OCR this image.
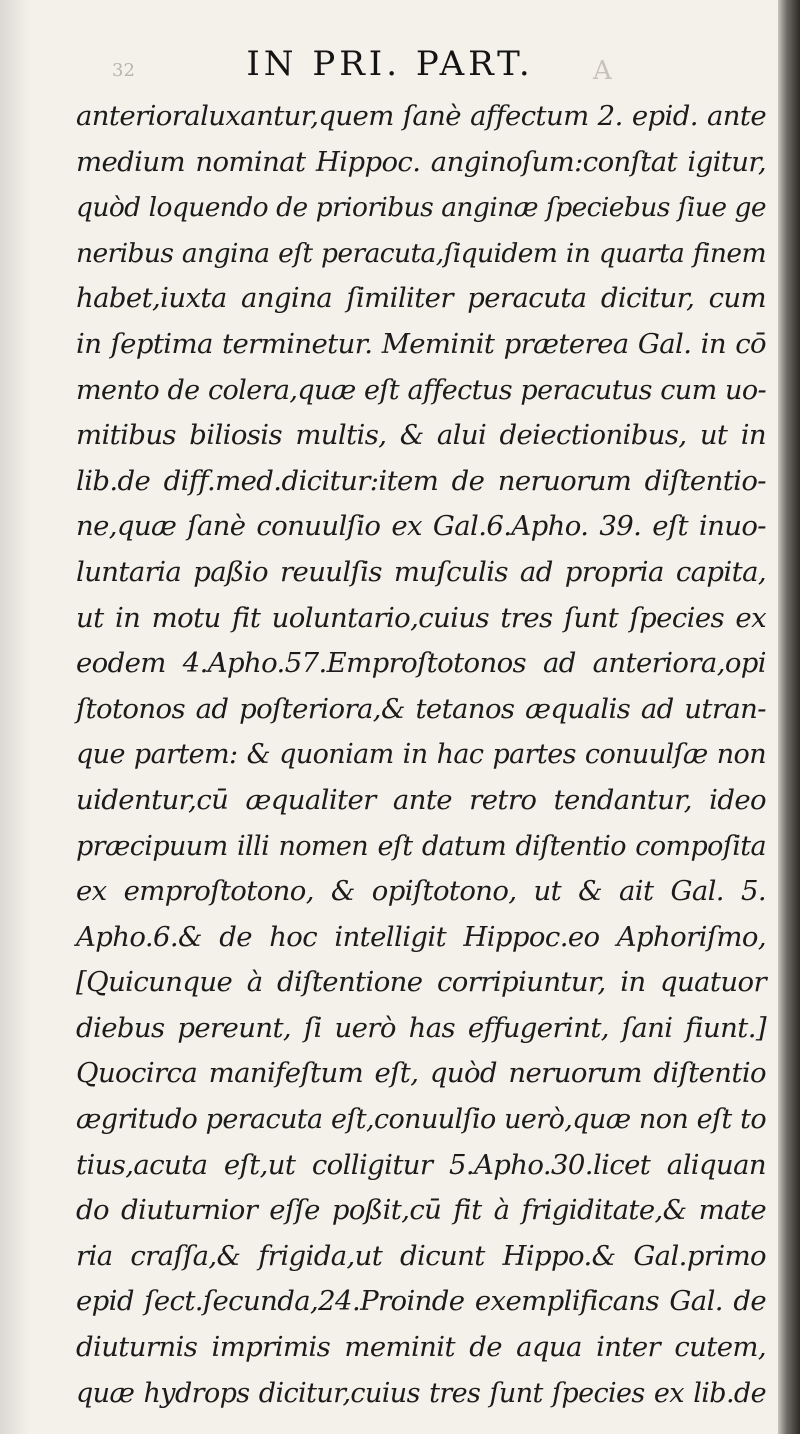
32	A
IN PRI. PART.
anterioraluxantur,quem ſanè affectum 2. epid. ante
medium nominat Hippoc. anginoſum:conſtat igitur,
quòd loquendo de prioribus anginæ ſpeciebus ſiue ge
neribus angina eſt peracuta,ſiquidem in quarta finem
habet,iuxta angina ſimiliter peracuta dicitur, cum
in ſeptima terminetur. Meminit præterea Gal. in cō
mento de colera,quæ eſt affectus peracutus cum uo-
mitibus biliosis multis, & alui deiectionibus, ut in
lib.de diff.med.dicitur:item de neruorum diſtentio-
ne,quæ ſanè conuulſio ex Gal.6.Apho. 39. eſt inuo-
luntaria paßio reuulſis muſculis ad propria capita,
ut in motu fit uoluntario,cuius tres ſunt ſpecies ex
eodem 4.Apho.57.Emproſtotonos ad anteriora,opi
ſtotonos ad poſteriora,& tetanos æqualis ad utran-
que partem: & quoniam in hac partes conuulſæ non
uidentur,cū æqualiter ante retro tendantur, ideo
præcipuum illi nomen eſt datum diſtentio compoſita
ex emproſtotono, & opiſtotono, ut & ait Gal. 5.
Apho.6.& de hoc intelligit Hippoc.eo Aphoriſmo,
[Quicunque à diſtentione corripiuntur, in quatuor
diebus pereunt, ſi uerò has effugerint, ſani fiunt.]
Quocirca manifeſtum eſt, quòd neruorum diſtentio
ægritudo peracuta eſt,conuulſio uerò,quæ non eſt to
tius,acuta eſt,ut colligitur 5.Apho.30.licet aliquan
do diuturnior eſſe poßit,cū fit à frigiditate,& mate
ria craſſa,& frigida,ut dicunt Hippo.& Gal.primo
epid ſect.ſecunda,24.Proinde exemplificans Gal. de
diuturnis imprimis meminit de aqua inter cutem,
quæ hydrops dicitur,cuius tres ſunt ſpecies ex lib.de
